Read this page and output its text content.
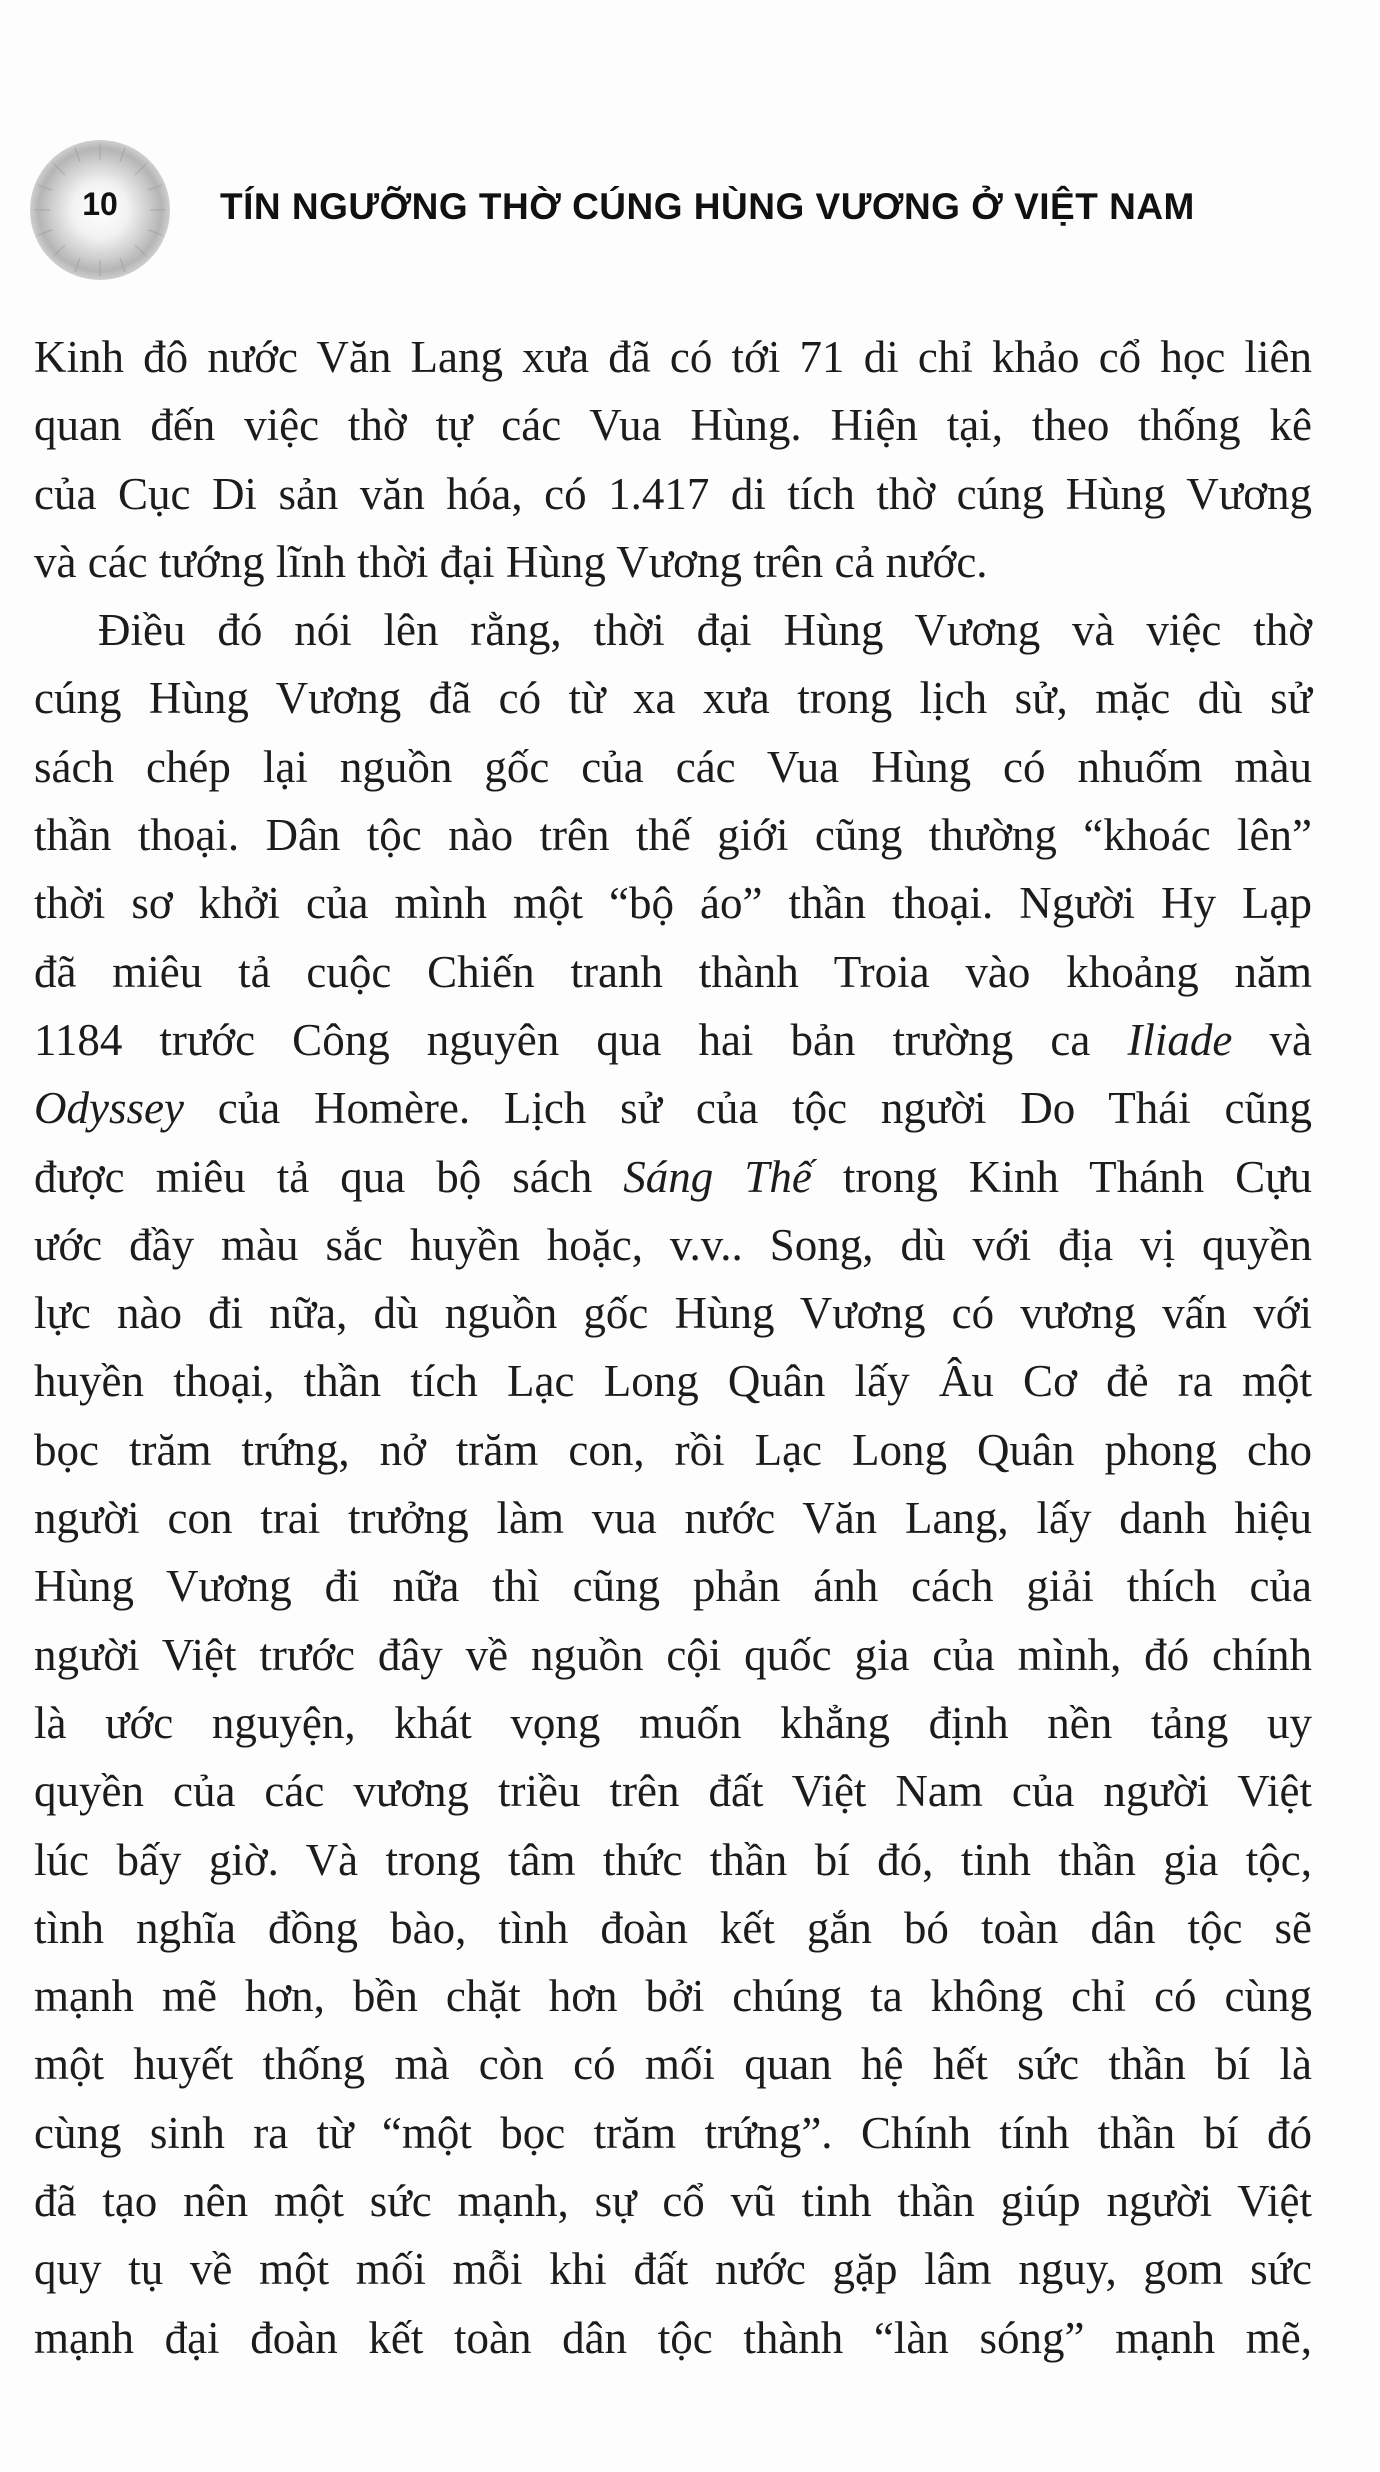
10	TÍN NGƯỠNG THỜ CÚNG HÙNG VƯƠNG Ở VIỆT NAM
Kinh đô nước Văn Lang xưa đã có tới 71 di chỉ khảo cổ học liên
quan đến việc thờ tự các Vua Hùng. Hiện tại, theo thống kê
của Cục Di sản văn hóa, có 1.417 di tích thờ cúng Hùng Vương
và các tướng lĩnh thời đại Hùng Vương trên cả nước.
Điều đó nói lên rằng, thời đại Hùng Vương và việc thờ
cúng Hùng Vương đã có từ xa xưa trong lịch sử, mặc dù sử
sách chép lại nguồn gốc của các Vua Hùng có nhuốm màu
thần thoại. Dân tộc nào trên thế giới cũng thường “khoác lên”
thời sơ khởi của mình một “bộ áo” thần thoại. Người Hy Lạp
đã miêu tả cuộc Chiến tranh thành Troia vào khoảng năm
1184 trước Công nguyên qua hai bản trường ca Iliade và
Odyssey của Homère. Lịch sử của tộc người Do Thái cũng
được miêu tả qua bộ sách Sáng Thế trong Kinh Thánh Cựu
ước đầy màu sắc huyền hoặc, v.v.. Song, dù với địa vị quyền
lực nào đi nữa, dù nguồn gốc Hùng Vương có vương vấn với
huyền thoại, thần tích Lạc Long Quân lấy Âu Cơ đẻ ra một
bọc trăm trứng, nở trăm con, rồi Lạc Long Quân phong cho
người con trai trưởng làm vua nước Văn Lang, lấy danh hiệu
Hùng Vương đi nữa thì cũng phản ánh cách giải thích của
người Việt trước đây về nguồn cội quốc gia của mình, đó chính
là ước nguyện, khát vọng muốn khẳng định nền tảng uy
quyền của các vương triều trên đất Việt Nam của người Việt
lúc bấy giờ. Và trong tâm thức thần bí đó, tinh thần gia tộc,
tình nghĩa đồng bào, tình đoàn kết gắn bó toàn dân tộc sẽ
mạnh mẽ hơn, bền chặt hơn bởi chúng ta không chỉ có cùng
một huyết thống mà còn có mối quan hệ hết sức thần bí là
cùng sinh ra từ “một bọc trăm trứng”. Chính tính thần bí đó
đã tạo nên một sức mạnh, sự cổ vũ tinh thần giúp người Việt
quy tụ về một mối mỗi khi đất nước gặp lâm nguy, gom sức
mạnh đại đoàn kết toàn dân tộc thành “làn sóng” mạnh mẽ,
